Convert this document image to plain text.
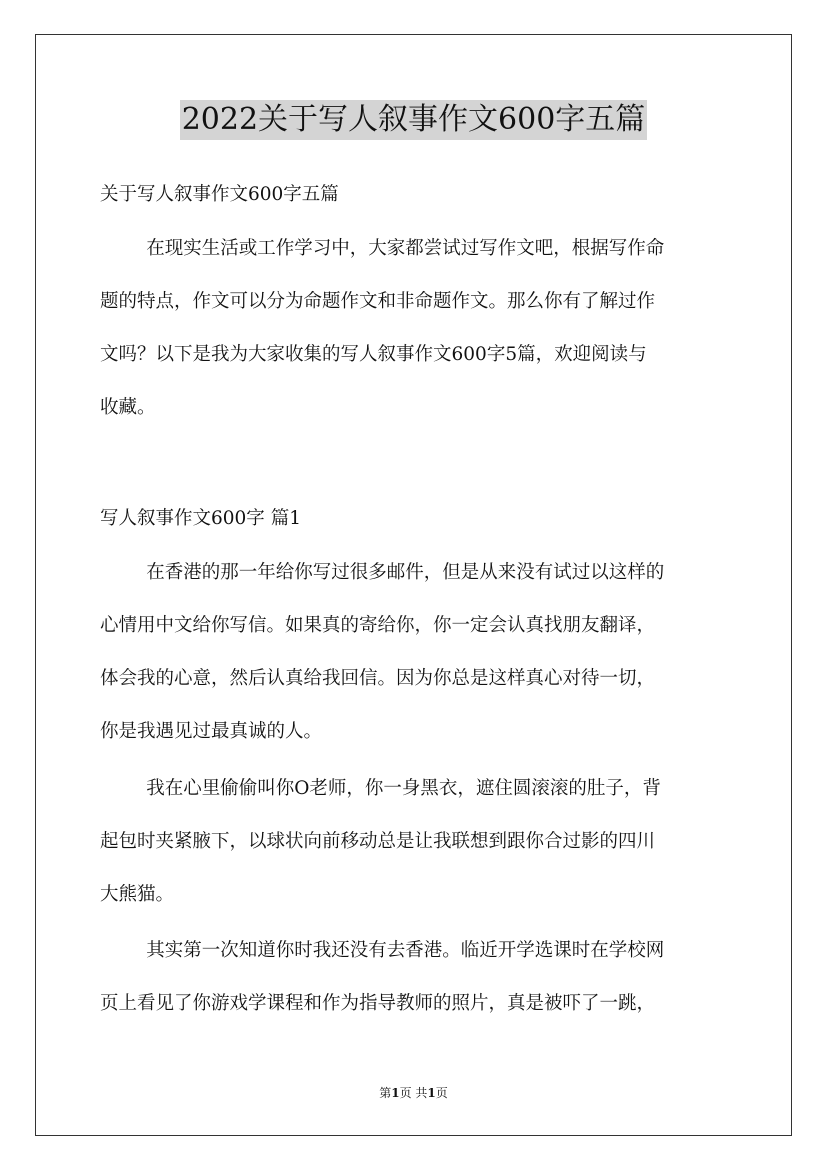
2022关于写人叙事作文600字五篇
关于写人叙事作文600字五篇
在现实生活或工作学习中，大家都尝试过写作文吧，根据写作命
题的特点，作文可以分为命题作文和非命题作文。那么你有了解过作
文吗？以下是我为大家收集的写人叙事作文600字5篇，欢迎阅读与
收藏。
写人叙事作文600字 篇1
在香港的那一年给你写过很多邮件，但是从来没有试过以这样的
心情用中文给你写信。如果真的寄给你，你一定会认真找朋友翻译，
体会我的心意，然后认真给我回信。因为你总是这样真心对待一切，
你是我遇见过最真诚的人。
我在心里偷偷叫你O老师，你一身黑衣，遮住圆滚滚的肚子，背
起包时夹紧腋下，以球状向前移动总是让我联想到跟你合过影的四川
大熊猫。
其实第一次知道你时我还没有去香港。临近开学选课时在学校网
页上看见了你游戏学课程和作为指导教师的照片，真是被吓了一跳，
第1页 共1页
